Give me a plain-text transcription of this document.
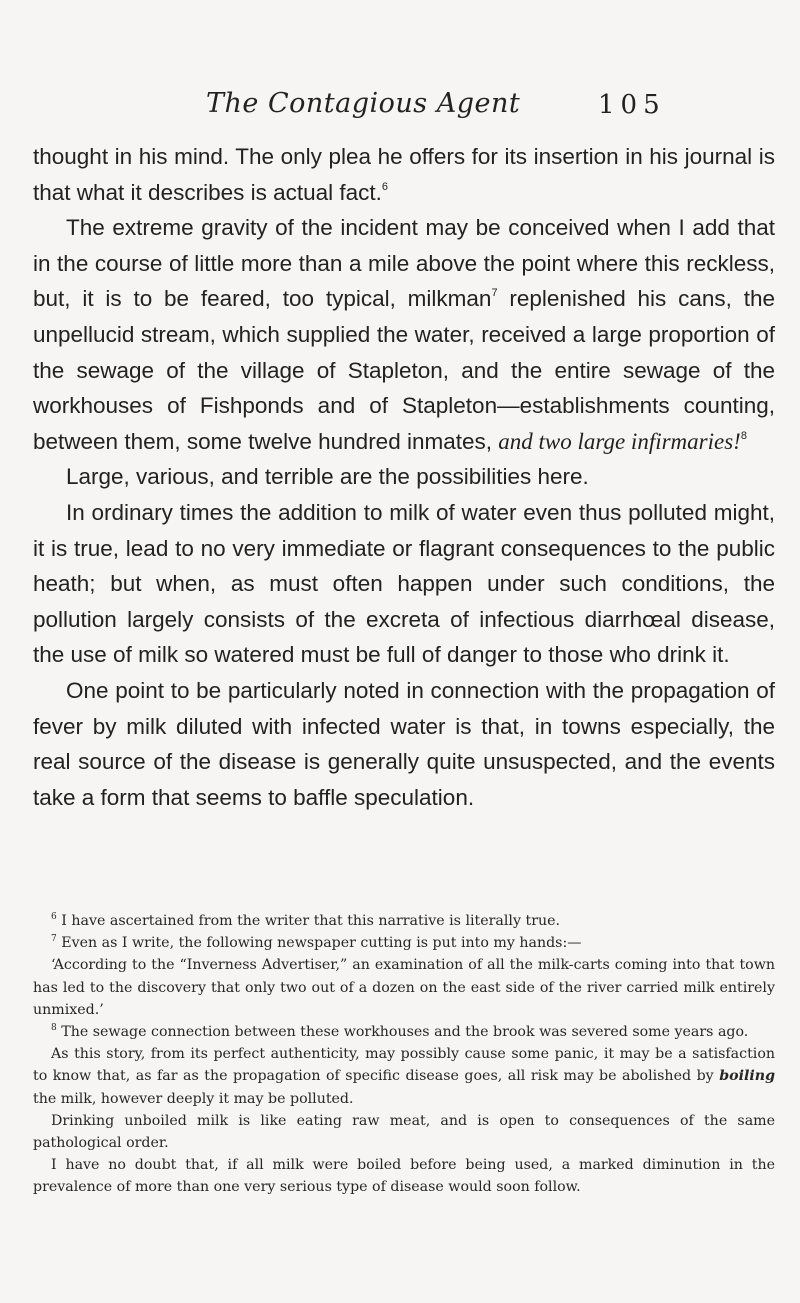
The Contagious Agent	105

thought in his mind. The only plea he offers for its insertion in his journal is that what it describes is actual fact.$^6$

The extreme gravity of the incident may be conceived when I add that in the course of little more than a mile above the point where this reckless, but, it is to be feared, too typical, milkman$^7$ replenished his cans, the unpellucid stream, which supplied the water, received a large proportion of the sewage of the village of Stapleton, and the entire sewage of the workhouses of Fishponds and of Stapleton—establishments counting, between them, some twelve hundred inmates, and two large infirmaries!$^8$

Large, various, and terrible are the possibilities here.

In ordinary times the addition to milk of water even thus polluted might, it is true, lead to no very immediate or flagrant consequences to the public heath; but when, as must often happen under such conditions, the pollution largely consists of the excreta of infectious diarrhœal disease, the use of milk so watered must be full of danger to those who drink it.

One point to be particularly noted in connection with the propagation of fever by milk diluted with infected water is that, in towns especially, the real source of the disease is generally quite unsuspected, and the events take a form that seems to baffle speculation.

$^6$ I have ascertained from the writer that this narrative is literally true.

$^7$ Even as I write, the following newspaper cutting is put into my hands:—

‘According to the “Inverness Advertiser,” an examination of all the milk-carts coming into that town has led to the discovery that only two out of a dozen on the east side of the river carried milk entirely unmixed.’

$^8$ The sewage connection between these workhouses and the brook was severed some years ago.

As this story, from its perfect authenticity, may possibly cause some panic, it may be a satisfaction to know that, as far as the propagation of specific disease goes, all risk may be abolished by boiling the milk, however deeply it may be polluted.

Drinking unboiled milk is like eating raw meat, and is open to consequences of the same pathological order.

I have no doubt that, if all milk were boiled before being used, a marked diminution in the prevalence of more than one very serious type of disease would soon follow.
